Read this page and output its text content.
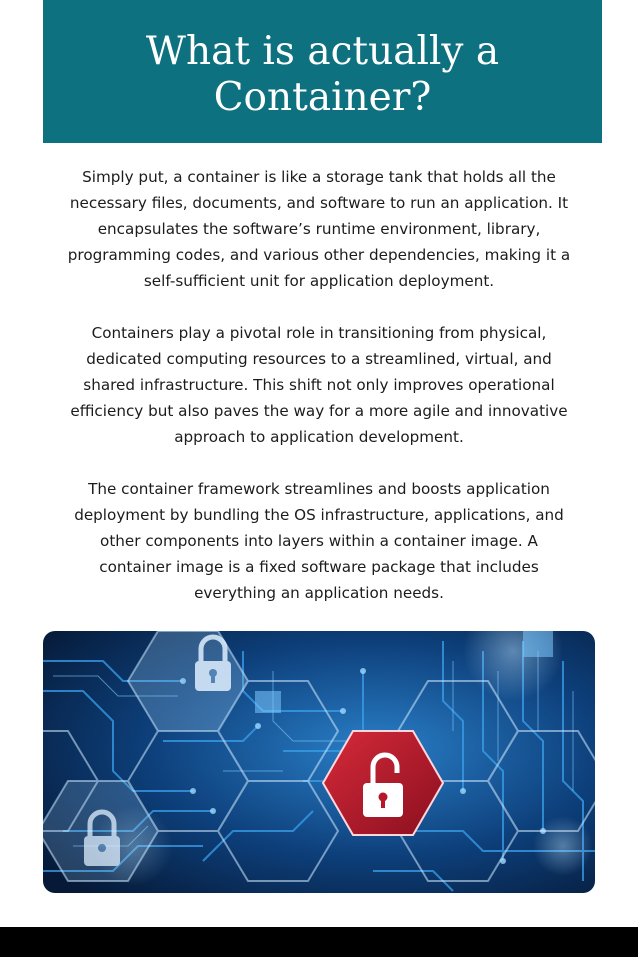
What is actually a
Container?
Simply put, a container is like a storage tank that holds all the
necessary files, documents, and software to run an application. It
encapsulates the software’s runtime environment, library,
programming codes, and various other dependencies, making it a
self-sufficient unit for application deployment.
Containers play a pivotal role in transitioning from physical,
dedicated computing resources to a streamlined, virtual, and
shared infrastructure. This shift not only improves operational
efficiency but also paves the way for a more agile and innovative
approach to application development.
The container framework streamlines and boosts application
deployment by bundling the OS infrastructure, applications, and
other components into layers within a container image. A
container image is a fixed software package that includes
everything an application needs.
